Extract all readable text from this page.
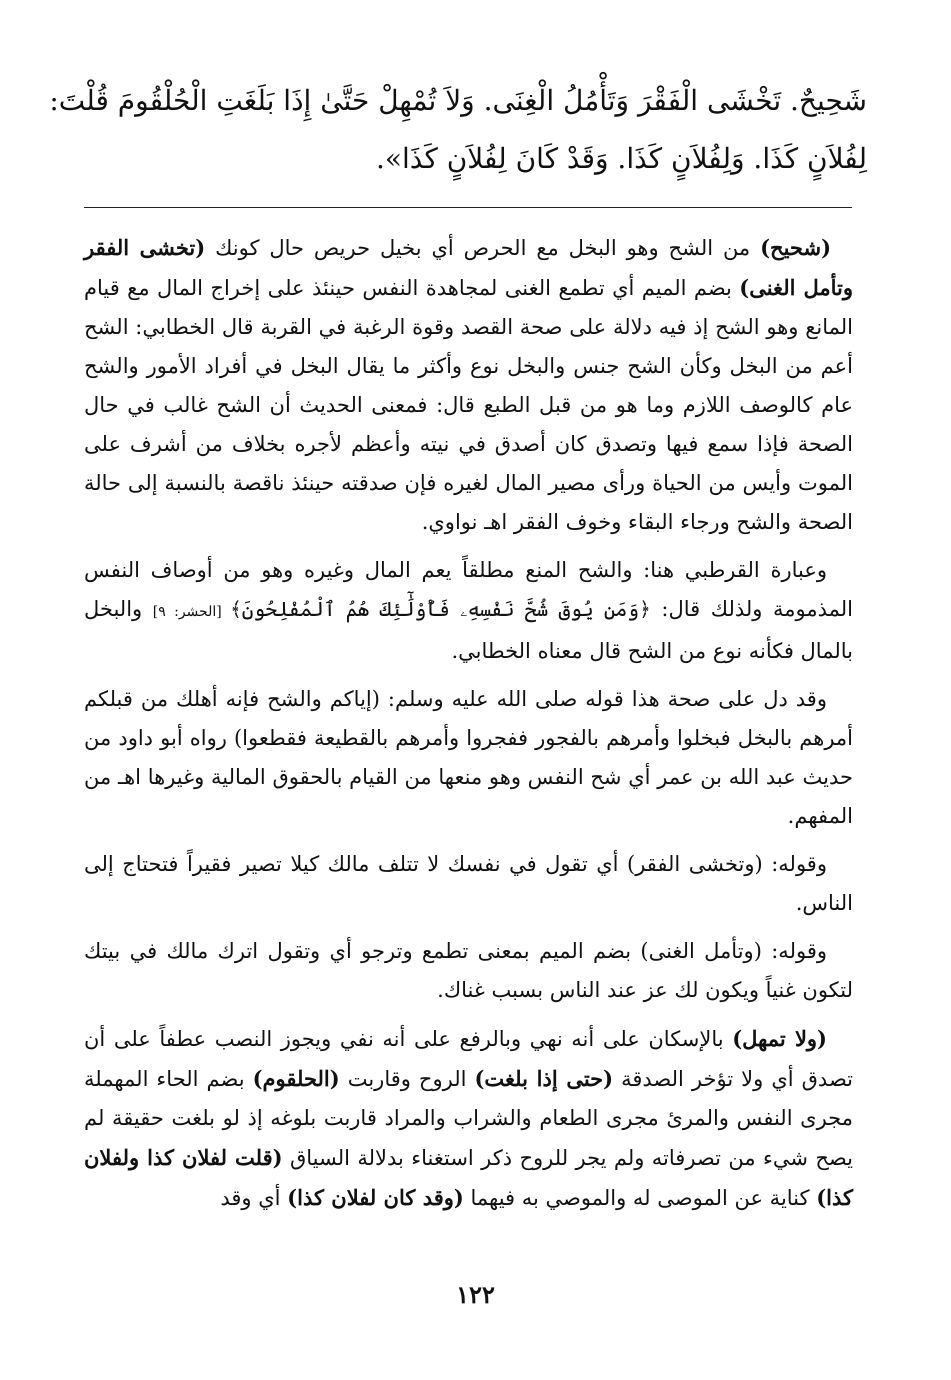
شَحِيحٌ. تَخْشَى الْفَقْرَ وَتَأْمُلُ الْغِنَى. وَلاَ تُمْهِلْ حَتَّىٰ إِذَا بَلَغَتِ الْحُلْقُومَ قُلْتَ:
لِفُلاَنٍ كَذَا. وَلِفُلاَنٍ كَذَا. وَقَدْ كَانَ لِفُلاَنٍ كَذَا».

(شحيح) من الشح وهو البخل مع الحرص أي بخيل حريص حال كونك (تخشى الفقر وتأمل الغنى) بضم الميم أي تطمع الغنى لمجاهدة النفس حينئذ على إخراج المال مع قيام المانع وهو الشح إذ فيه دلالة على صحة القصد وقوة الرغبة في القربة قال الخطابي: الشح أعم من البخل وكأن الشح جنس والبخل نوع وأكثر ما يقال البخل في أفراد الأمور والشح عام كالوصف اللازم وما هو من قبل الطبع قال: فمعنى الحديث أن الشح غالب في حال الصحة فإذا سمع فيها وتصدق كان أصدق في نيته وأعظم لأجره بخلاف من أشرف على الموت وأيس من الحياة ورأى مصير المال لغيره فإن صدقته حينئذ ناقصة بالنسبة إلى حالة الصحة والشح ورجاء البقاء وخوف الفقر اهـ نواوي.

وعبارة القرطبي هنا: والشح المنع مطلقاً يعم المال وغيره وهو من أوصاف النفس المذمومة ولذلك قال: ﴿وَمَن يُوقَ شُحَّ نَفْسِهِۦ فَأُوْلَٰٓئِكَ هُمُ ٱلْمُفْلِحُونَ﴾ [الحشر: ٩] والبخل بالمال فكأنه نوع من الشح قال معناه الخطابي.

وقد دل على صحة هذا قوله صلى الله عليه وسلم: (إياكم والشح فإنه أهلك من قبلكم أمرهم بالبخل فبخلوا وأمرهم بالفجور ففجروا وأمرهم بالقطيعة فقطعوا) رواه أبو داود من حديث عبد الله بن عمر أي شح النفس وهو منعها من القيام بالحقوق المالية وغيرها اهـ من المفهم.

وقوله: (وتخشى الفقر) أي تقول في نفسك لا تتلف مالك كيلا تصير فقيراً فتحتاج إلى الناس.

وقوله: (وتأمل الغنى) بضم الميم بمعنى تطمع وترجو أي وتقول اترك مالك في بيتك لتكون غنياً ويكون لك عز عند الناس بسبب غناك.

(ولا تمهل) بالإسكان على أنه نهي وبالرفع على أنه نفي ويجوز النصب عطفاً على أن تصدق أي ولا تؤخر الصدقة (حتى إذا بلغت) الروح وقاربت (الحلقوم) بضم الحاء المهملة مجرى النفس والمرئ مجرى الطعام والشراب والمراد قاربت بلوغه إذ لو بلغت حقيقة لم يصح شيء من تصرفاته ولم يجر للروح ذكر استغناء بدلالة السياق (قلت لفلان كذا ولفلان كذا) كناية عن الموصى له والموصي به فيهما (وقد كان لفلان كذا) أي وقد

١٢٢
